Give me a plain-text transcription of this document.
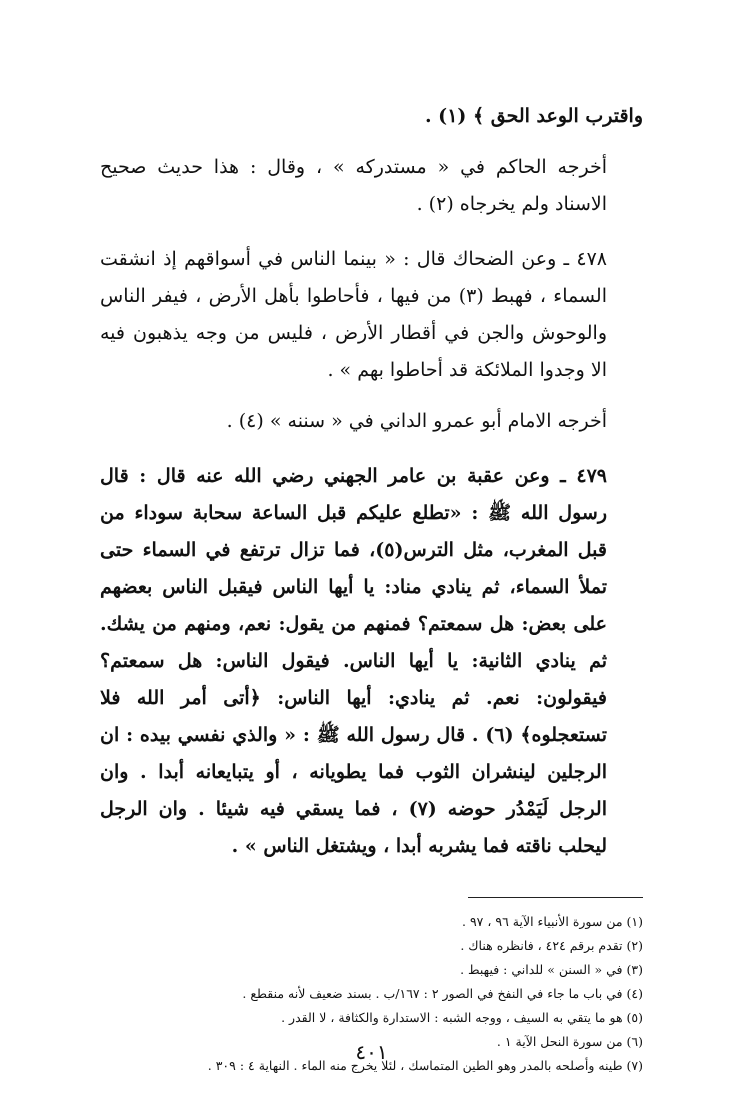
واقترب الوعد الحق ﴾ (١) .

أخرجه الحاكم في « مستدركه » ، وقال : هذا حديث صحيح الاسناد ولم يخرجاه (٢) .

٤٧٨ ـ وعن الضحاك قال : « بينما الناس في أسواقهم إذ انشقت السماء ، فهبط (٣) من فيها ، فأحاطوا بأهل الأرض ، فيفر الناس والوحوش والجن في أقطار الأرض ، فليس من وجه يذهبون فيه الا وجدوا الملائكة قد أحاطوا بهم » .

أخرجه الامام أبو عمرو الداني في « سننه » (٤) .

٤٧٩ ـ وعن عقبة بن عامر الجهني رضي الله عنه قال : قال رسول الله ﷺ : «تطلع عليكم قبل الساعة سحابة سوداء من قبل المغرب، مثل الترس(٥)، فما تزال ترتفع في السماء حتى تملأ السماء، ثم ينادي مناد: يا أيها الناس فيقبل الناس بعضهم على بعض: هل سمعتم؟ فمنهم من يقول: نعم، ومنهم من يشك. ثم ينادي الثانية: يا أيها الناس. فيقول الناس: هل سمعتم؟ فيقولون: نعم. ثم ينادي: أيها الناس: ﴿أتى أمر الله فلا تستعجلوه﴾ (٦) . قال رسول الله ﷺ : « والذي نفسي بيده : ان الرجلين لينشران الثوب فما يطويانه ، أو يتبايعانه أبدا . وان الرجل لَيَمْدُر حوضه (٧) ، فما يسقي فيه شيئا . وان الرجل ليحلب ناقته فما يشربه أبدا ، ويشتغل الناس » .

(١) من سورة الأنبياء الآية ٩٦ ، ٩٧ .

(٢) تقدم برقم ٤٢٤ ، فانظره هناك .

(٣) في « السنن » للداني : فيهبط .

(٤) في باب ما جاء في النفخ في الصور ٢ : ١٦٧/ب . بسند ضعيف لأنه منقطع .

(٥) هو ما يتقي به السيف ، ووجه الشبه : الاستدارة والكثافة ، لا القدر .

(٦) من سورة النحل الآية ١ .

(٧) طينه وأصلحه بالمدر وهو الطين المتماسك ، لئلا يخرج منه الماء . النهاية ٤ : ٣٠٩ .

٤٠١
